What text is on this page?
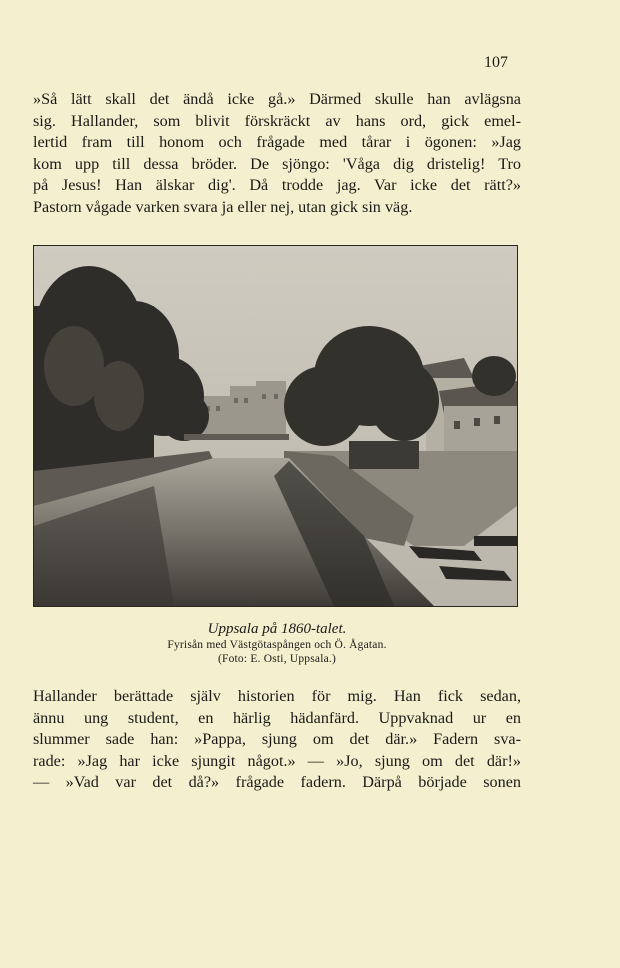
107

»Så lätt skall det ändå icke gå.» Därmed skulle han avlägsna
sig. Hallander, som blivit förskräckt av hans ord, gick emel-
lertid fram till honom och frågade med tårar i ögonen: »Jag
kom upp till dessa bröder. De sjöngo: 'Våga dig dristelig! Tro
på Jesus! Han älskar dig'. Då trodde jag. Var icke det rätt?»
Pastorn vågade varken svara ja eller nej, utan gick sin väg.

Uppsala på 1860-talet.
Fyrisån med Västgötaspången och Ö. Ågatan.
(Foto: E. Osti, Uppsala.)

Hallander berättade själv historien för mig. Han fick sedan,
ännu ung student, en härlig hädanfärd. Uppvaknad ur en
slummer sade han: »Pappa, sjung om det där.» Fadern sva-
rade: »Jag har icke sjungit något.» — »Jo, sjung om det där!»
— »Vad var det då?» frågade fadern. Därpå började sonen
